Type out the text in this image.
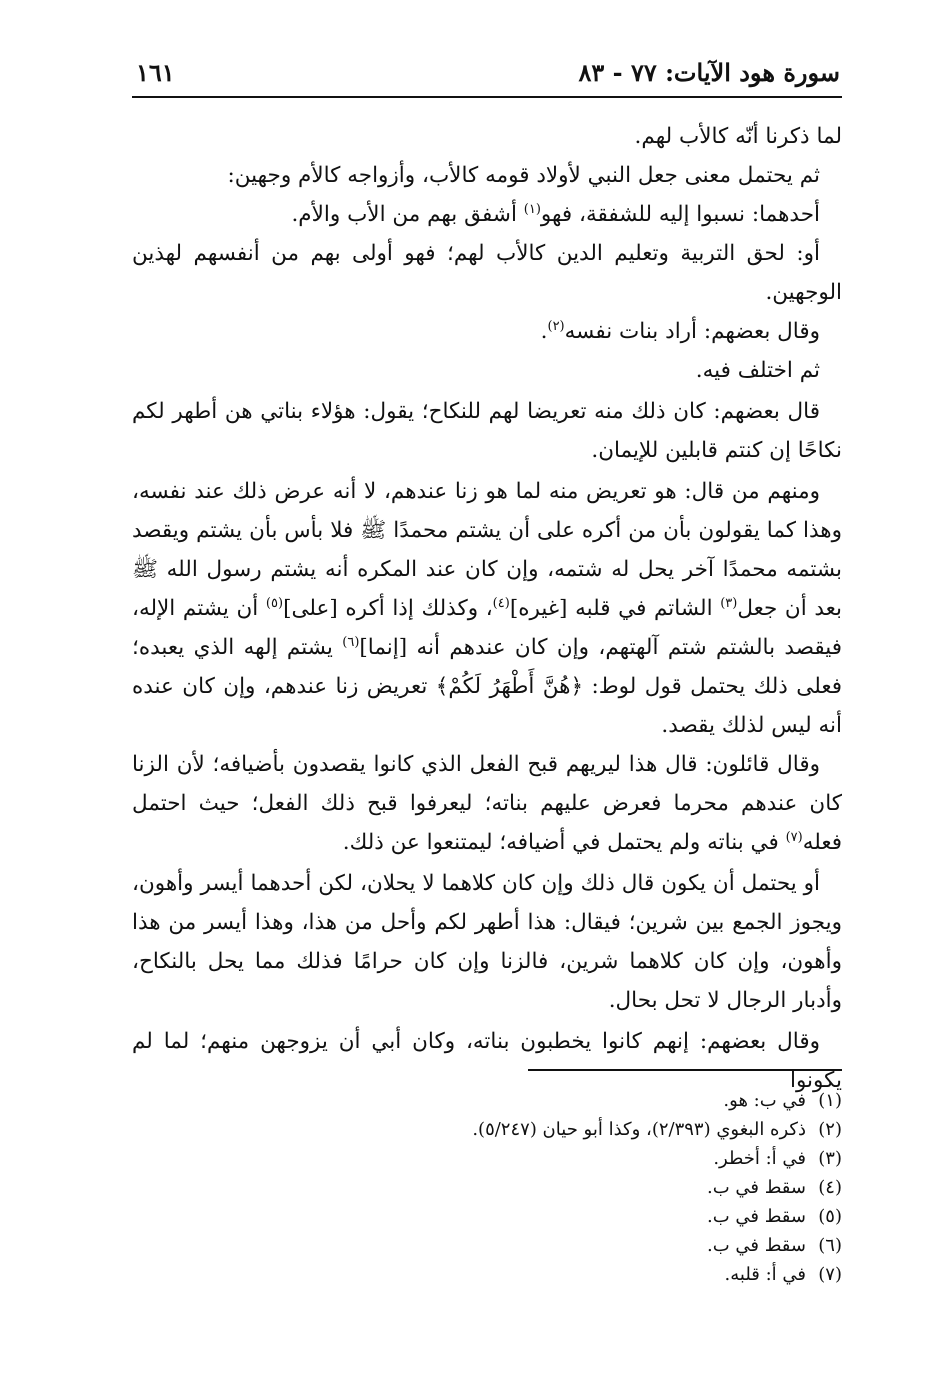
سورة هود الآيات: ٧٧ - ٨٣
١٦١

لما ذكرنا أنّه كالأب لهم.

ثم يحتمل معنى جعل النبي لأولاد قومه كالأب، وأزواجه كالأم وجهين:

أحدهما: نسبوا إليه للشفقة، فهو$^{(١)}$ أشفق بهم من الأب والأم.

أو: لحق التربية وتعليم الدين كالأب لهم؛ فهو أولى بهم من أنفسهم لهذين الوجهين.

وقال بعضهم: أراد بنات نفسه$^{(٢)}$.

ثم اختلف فيه.

قال بعضهم: كان ذلك منه تعريضا لهم للنكاح؛ يقول: هؤلاء بناتي هن أطهر لكم نكاحًا إن كنتم قابلين للإيمان.

ومنهم من قال: هو تعريض منه لما هو زنا عندهم، لا أنه عرض ذلك عند نفسه، وهذا كما يقولون بأن من أكره على أن يشتم محمدًا ﷺ فلا بأس بأن يشتم ويقصد بشتمه محمدًا آخر يحل له شتمه، وإن كان عند المكره أنه يشتم رسول الله ﷺ بعد أن جعل$^{(٣)}$ الشاتم في قلبه [غيره]$^{(٤)}$، وكذلك إذا أكره [على]$^{(٥)}$ أن يشتم الإله، فيقصد بالشتم شتم آلهتهم، وإن كان عندهم أنه [إنما]$^{(٦)}$ يشتم إلهه الذي يعبده؛ فعلى ذلك يحتمل قول لوط: ﴿هُنَّ أَطْهَرُ لَكُمْ﴾ تعريض زنا عندهم، وإن كان عنده أنه ليس لذلك يقصد.

وقال قائلون: قال هذا ليريهم قبح الفعل الذي كانوا يقصدون بأضيافه؛ لأن الزنا كان عندهم محرما فعرض عليهم بناته؛ ليعرفوا قبح ذلك الفعل؛ حيث احتمل فعله$^{(٧)}$ في بناته ولم يحتمل في أضيافه؛ ليمتنعوا عن ذلك.

أو يحتمل أن يكون قال ذلك وإن كان كلاهما لا يحلان، لكن أحدهما أيسر وأهون، ويجوز الجمع بين شرين؛ فيقال: هذا أطهر لكم وأحل من هذا، وهذا أيسر من هذا وأهون، وإن كان كلاهما شرين، فالزنا وإن كان حرامًا فذلك مما يحل بالنكاح، وأدبار الرجال لا تحل بحال.

وقال بعضهم: إنهم كانوا يخطبون بناته، وكان أبي أن يزوجهن منهم؛ لما لم يكونوا

(١)في ب: هو.
(٢)ذكره البغوي (٢/٣٩٣)، وكذا أبو حيان (٥/٢٤٧).
(٣)في أ: أخطر.
(٤)سقط في ب.
(٥)سقط في ب.
(٦)سقط في ب.
(٧)في أ: قلبه.
